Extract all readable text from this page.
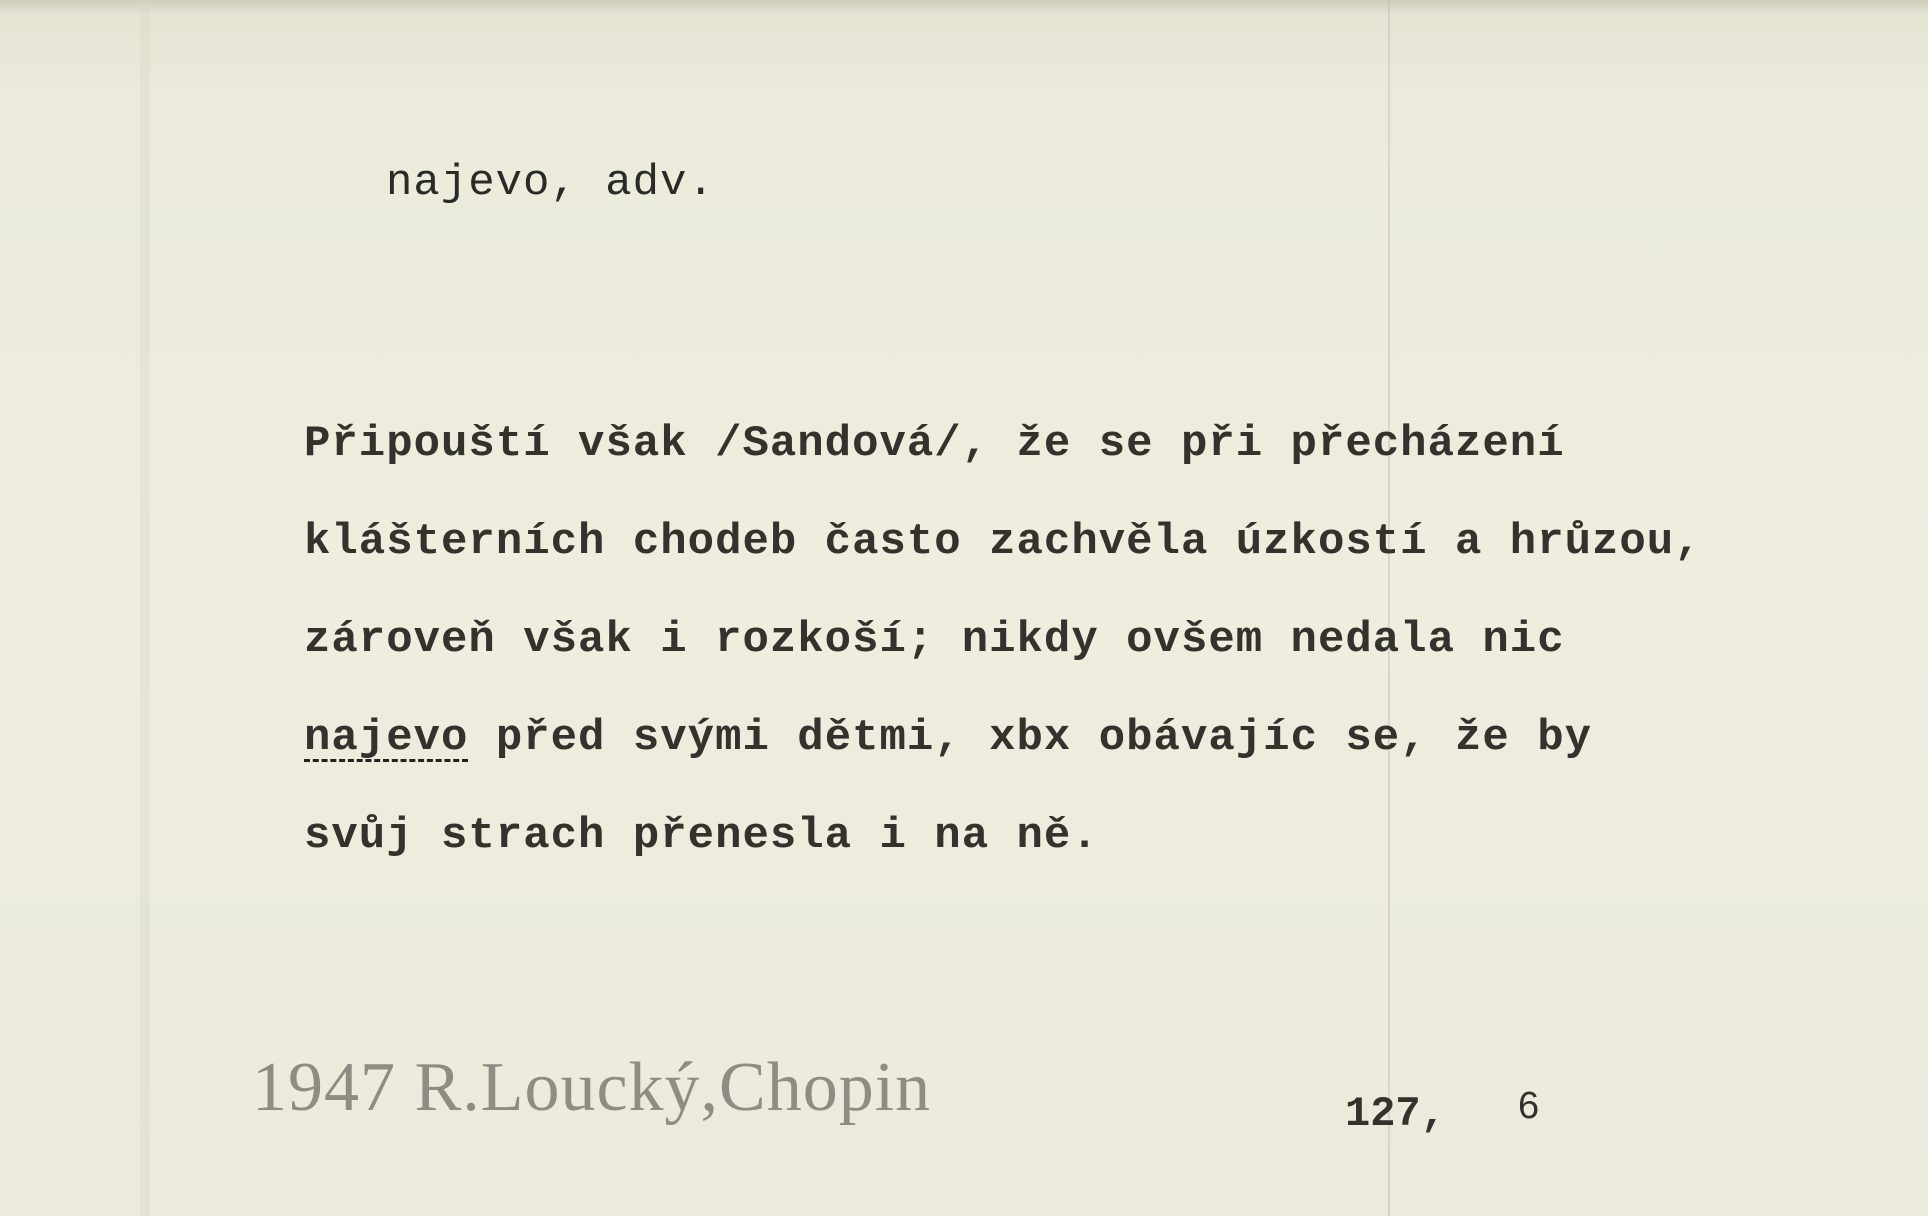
najevo, adv.
Připouští však /Sandová/, že se při přecházení
klášterních chodeb často zachvěla úzkostí a hrůzou,
zároveň však i rozkoší; nikdy ovšem nedala nic
najevo před svými dětmi, xbx obávajíc se, že by
svůj strach přenesla i na ně.
1947 R.Loucký,Chopin	127, 6
